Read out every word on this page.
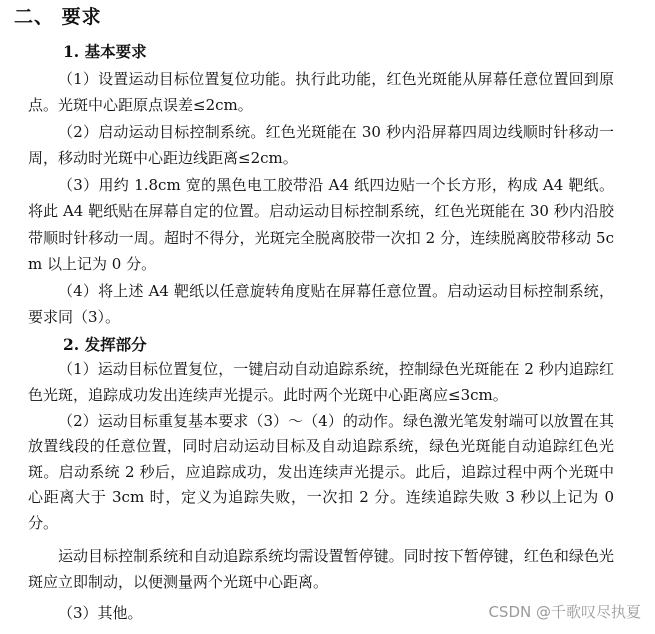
二、 要求
1. 基本要求
（1）设置运动目标位置复位功能。执行此功能，红色光斑能从屏幕任意位置回到原点。光斑中心距原点误差≤2cm。
（2）启动运动目标控制系统。红色光斑能在 30 秒内沿屏幕四周边线顺时针移动一周，移动时光斑中心距边线距离≤2cm。
（3）用约 1.8cm 宽的黑色电工胶带沿 A4 纸四边贴一个长方形，构成 A4 靶纸。将此 A4 靶纸贴在屏幕自定的位置。启动运动目标控制系统，红色光斑能在 30 秒内沿胶带顺时针移动一周。超时不得分，光斑完全脱离胶带一次扣 2 分，连续脱离胶带移动 5cm 以上记为 0 分。
（4）将上述 A4 靶纸以任意旋转角度贴在屏幕任意位置。启动运动目标控制系统，要求同（3）。
2. 发挥部分
（1）运动目标位置复位，一键启动自动追踪系统，控制绿色光斑能在 2 秒内追踪红色光斑，追踪成功发出连续声光提示。此时两个光斑中心距离应≤3cm。
（2）运动目标重复基本要求（3）～（4）的动作。绿色激光笔发射端可以放置在其放置线段的任意位置，同时启动运动目标及自动追踪系统，绿色光斑能自动追踪红色光斑。启动系统 2 秒后，应追踪成功，发出连续声光提示。此后，追踪过程中两个光斑中心距离大于 3cm 时，定义为追踪失败，一次扣 2 分。连续追踪失败 3 秒以上记为 0 分。
运动目标控制系统和自动追踪系统均需设置暂停键。同时按下暂停键，红色和绿色光斑应立即制动，以便测量两个光斑中心距离。
（3）其他。	CSDN @千歌叹尽执夏
